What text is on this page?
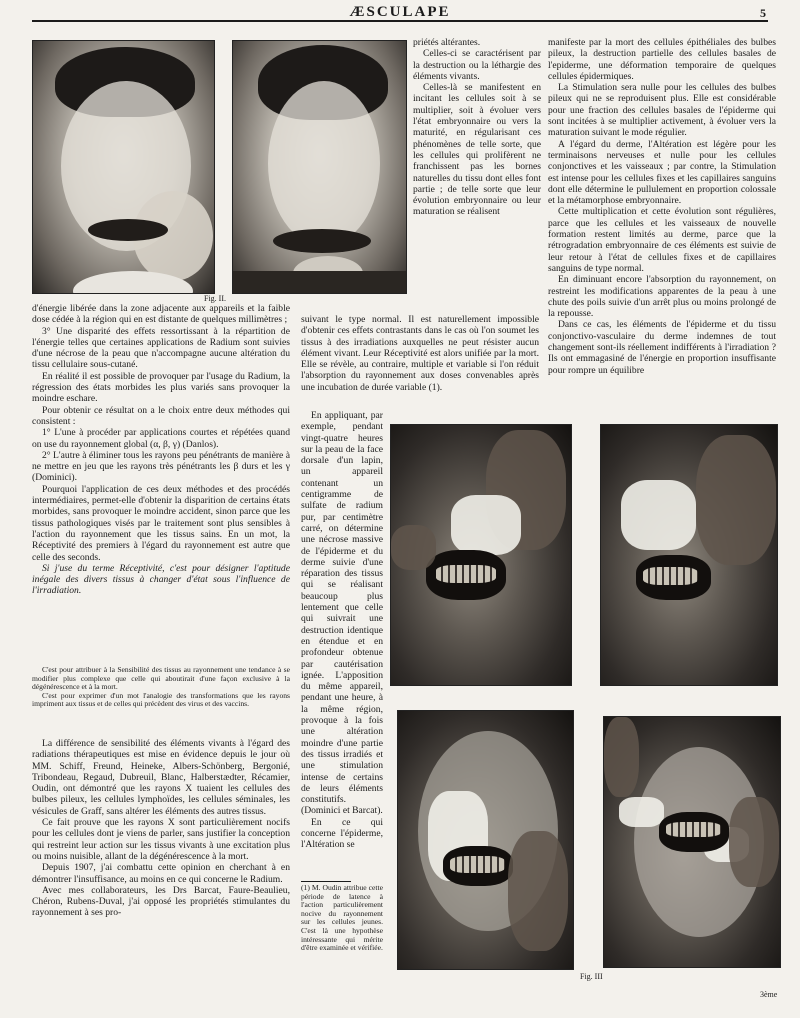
ÆSCULAPE	5
Fig. II.

priétés altérantes.

Celles-ci se caractérisent par la destruction ou la léthargie des éléments vivants.

Celles-là se manifestent en incitant les cellules soit à se multiplier, soit à évoluer vers l'état embryonnaire ou vers la maturité, en régularisant ces phénomènes de telle sorte, que les cellules qui prolifèrent ne franchissent pas les bornes naturelles du tissu dont elles font partie ; de telle sorte que leur évolution embryonnaire ou leur maturation se réalisent

manifeste par la mort des cellules épithéliales des bulbes pileux, la destruction partielle des cellules basales de l'epiderme, une déformation temporaire de quelques cellules épidermiques.

La Stimulation sera nulle pour les cellules des bulbes pileux qui ne se reproduisent plus. Elle est considérable pour une fraction des cellules basales de l'épiderme qui sont incitées à se multiplier activement, à évoluer vers la maturation suivant le mode régulier.

A l'égard du derme, l'Altération est légère pour les terminaisons nerveuses et nulle pour les cellules conjonctives et les vaisseaux ; par contre, la Stimulation est intense pour les cellules fixes et les capillaires sanguins dont elle détermine le pullulement en proportion colossale et la métamorphose embryonnaire.

Cette multiplication et cette évolution sont régulières, parce que les cellules et les vaisseaux de nouvelle formation restent limités au derme, parce que la rétrogradation embryonnaire de ces éléments est suivie de leur retour à l'état de cellules fixes et de capillaires sanguins de type normal.

En diminuant encore l'absorption du rayonnement, on restreint les modifications apparentes de la peau à une chute des poils suivie d'un arrêt plus ou moins prolongé de la repousse.

Dans ce cas, les éléments de l'épiderme et du tissu conjonctivo-vasculaire du derme indemnes de tout changement sont-ils réellement indifférents à l'irradiation ? Ils ont emmagasiné de l'énergie en proportion insuffisante pour rompre un équilibre

d'énergie libérée dans la zone adjacente aux appareils et la faible dose cédée à la région qui en est distante de quelques millimètres ;

3° Une disparité des effets ressortissant à la répartition de l'énergie telles que certaines applications de Radium sont suivies d'une nécrose de la peau que n'accompagne aucune altération du tissu cellulaire sous-cutané.

En réalité il est possible de provoquer par l'usage du Radium, la régression des états morbides les plus variés sans provoquer la moindre eschare.

Pour obtenir ce résultat on a le choix entre deux méthodes qui consistent :

1° L'une à procéder par applications courtes et répétées quand on use du rayonnement global (α, β, γ) (Danlos).

2° L'autre à éliminer tous les rayons peu pénétrants de manière à ne mettre en jeu que les rayons très pénétrants les β durs et les γ (Dominici).

Pourquoi l'application de ces deux méthodes et des procédés intermédiaires, permet-elle d'obtenir la disparition de certains états morbides, sans provoquer le moindre accident, sinon parce que les tissus pathologiques visés par le traitement sont plus sensibles à l'action du rayonnement que les tissus sains. En un mot, la Réceptivité des premiers à l'égard du rayonnement est autre que celle des seconds.

Si j'use du terme Réceptivité, c'est pour désigner l'aptitude inégale des divers tissus à changer d'état sous l'influence de l'irradiation.

C'est pour attribuer à la Sensibilité des tissus au rayonnement une tendance à se modifier plus complexe que celle qui aboutirait d'une façon exclusive à la dégénérescence et à la mort.

C'est pour exprimer d'un mot l'analogie des transformations que les rayons impriment aux tissus et de celles qui précèdent des virus et des vaccins.

La différence de sensibilité des éléments vivants à l'égard des radiations thérapeutiques est mise en évidence depuis le jour où MM. Schiff, Freund, Heineke, Albers-Schönberg, Bergonié, Tribondeau, Regaud, Dubreuil, Blanc, Halberstædter, Récamier, Oudin, ont démontré que les rayons X tuaient les cellules des bulbes pileux, les cellules lymphoïdes, les cellules séminales, les vésicules de Graff, sans altérer les éléments des autres tissus.

Ce fait prouve que les rayons X sont particulièrement nocifs pour les cellules dont je viens de parler, sans justifier la conception qui restreint leur action sur les tissus vivants à une excitation plus ou moins nuisible, allant de la dégénérescence à la mort.

Depuis 1907, j'ai combattu cette opinion en cherchant à en démontrer l'insuffisance, au moins en ce qui concerne le Radium.

Avec mes collaborateurs, les Drs Barcat, Faure-Beaulieu, Chéron, Rubens-Duval, j'ai opposé les propriétés stimulantes du rayonnement à ses pro-

suivant le type normal. Il est naturellement impossible d'obtenir ces effets contrastants dans le cas où l'on soumet les tissus à des irradiations auxquelles ne peut résister aucun élément vivant. Leur Réceptivité est alors unifiée par la mort. Elle se révèle, au contraire, multiple et variable si l'on réduit l'absorption du rayonnement aux doses convenables après une incubation de durée variable (1).

En appliquant, par exemple, pendant vingt-quatre heures sur la peau de la face dorsale d'un lapin, un appareil contenant un centigramme de sulfate de radium pur, par centimètre carré, on détermine une nécrose massive de l'épiderme et du derme suivie d'une réparation des tissus qui se réalisant beaucoup plus lentement que celle qui suivrait une destruction identique en étendue et en profondeur obtenue par cautérisation ignée. L'apposition du même appareil, pendant une heure, à la même région, provoque à la fois une altération moindre d'une partie des tissus irradiés et une stimulation intense de certains de leurs éléments constitutifs. (Dominici et Barcat).

En ce qui concerne l'épiderme, l'Altération se

(1) M. Oudin attribue cette période de latence à l'action particulièrement nocive du rayonnement sur les cellules jeunes. C'est là une hypothèse intéressante qui mérite d'être examinée et vérifiée.

Fig. III
3ème
